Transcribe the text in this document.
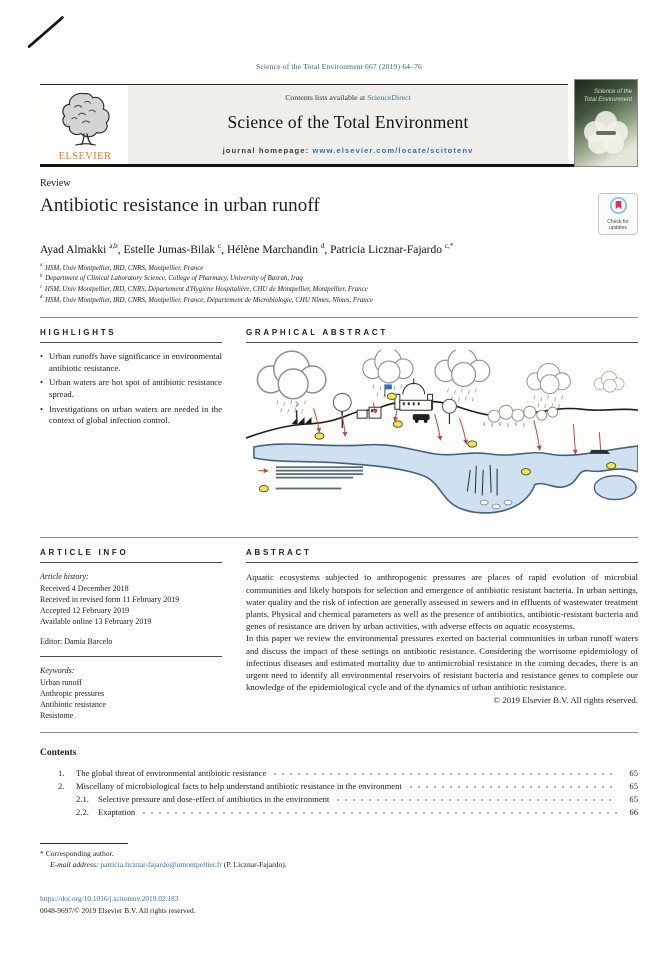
Science of the Total Environment 667 (2019) 64–76
ELSEVIER
Contents lists available at ScienceDirect
Science of the Total Environment
journal homepage: www.elsevier.com/locate/scitotenv
Science of the
Total Environment
Review
Antibiotic resistance in urban runoff
Check for
updates
Ayad Almakki $^{a,b}$ , Estelle Jumas-Bilak $^c$ , Hélène Marchandin $^d$ , Patricia Licznar-Fajardo $^{c,*}$
$^a$ HSM, Univ Montpellier, IRD, CNRS, Montpellier, France
$^b$ Department of Clinical Laboratory Science, College of Pharmacy, University of Basrah, Iraq
$^c$ HSM, Univ Montpellier, IRD, CNRS, Département d'Hygiène Hospitalière, CHU de Montpellier, Montpellier, France
$^d$ HSM, Univ Montpellier, IRD, CNRS, Montpellier, France, Département de Microbiologie, CHU Nîmes, Nîmes, France
HIGHLIGHTS
• Urban runoffs have significance in environmental antibiotic resistance.
• Urban waters are hot spot of antibiotic resistance spread.
• Investigations on urban waters are needed in the context of global infection control.
GRAPHICAL ABSTRACT
ARTICLE INFO
Article history:
Received 4 December 2018
Received in revised form 11 February 2019
Accepted 12 February 2019
Available online 13 February 2019
Editor: Damia Barcelo
Keywords:
Urban runoff
Anthropic pressures
Antibiotic resistance
Resistome
ABSTRACT

Aquatic ecosystems subjected to anthropogenic pressures are places of rapid evolution of microbial communities and likely hotspots for selection and emergence of antibiotic resistant bacteria. In urban settings, water quality and the risk of infection are generally assessed in sewers and in effluents of wastewater treatment plants. Physical and chemical parameters as well as the presence of antibiotics, antibiotic-resistant bacteria and genes of resistance are driven by urban activities, with adverse effects on aquatic ecosystems.

In this paper we review the environmental pressures exerted on bacterial communities in urban runoff waters and discuss the impact of these settings on antibiotic resistance. Considering the worrisome epidemiology of infectious diseases and estimated mortality due to antimicrobial resistance in the coming decades, there is an urgent need to identify all environmental reservoirs of resistant bacteria and resistance genes to complete our knowledge of the epidemiological cycle and of the dynamics of urban antibiotic resistance.

© 2019 Elsevier B.V. All rights reserved.
Contents
1.	The global threat of environmental antibiotic resistance	65
2.	Miscellany of microbiological facts to help understand antibiotic resistance in the environment	65
2.1.	Selective pressure and dose-effect of antibiotics in the environment	65
2.2.	Exaptation	66
* Corresponding author.
E-mail address: patricia.licznar-fajardo@umontpellier.fr (P. Licznar-Fajardo).
https://doi.org/10.1016/j.scitotenv.2019.02.183
0048-9697/© 2019 Elsevier B.V. All rights reserved.
